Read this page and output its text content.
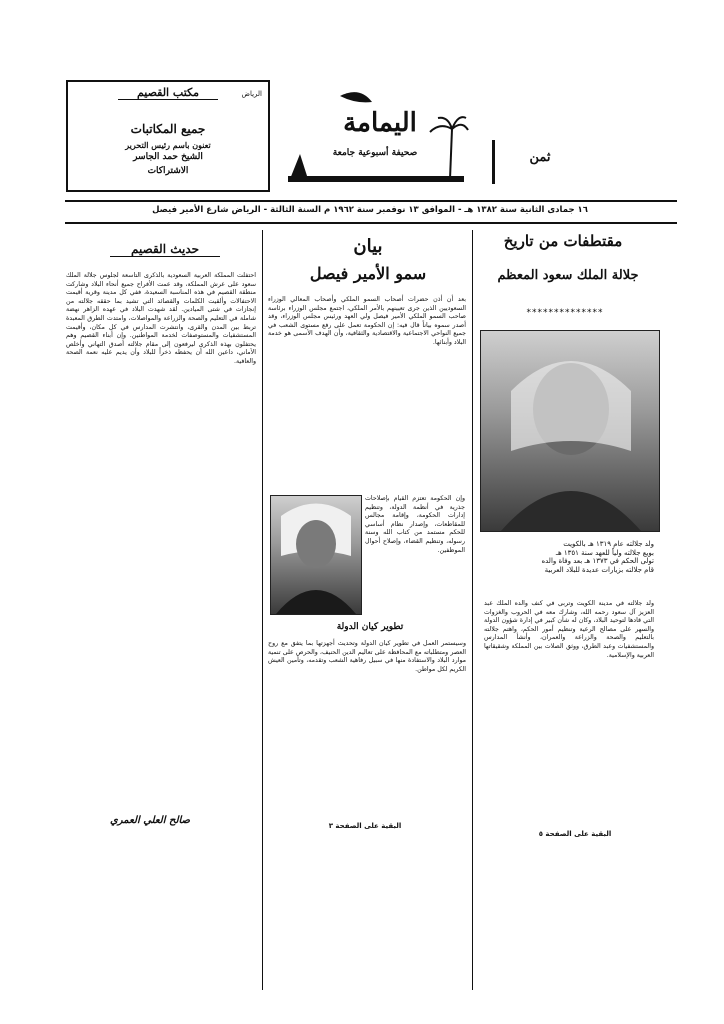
مكتب القصيم	الرياض
جميع المكاتبات
تعنون باسم رئيس التحرير
الشيخ حمد الجاسر
الاشتراكات
اليمامة
صحيفة أسبوعية جامعة	ثمن
١٦ جمادى الثانية سنة ١٣٨٢ هـ - الموافق ١٣ نوفمبر سنة ١٩٦٢ م السنة الثالثة - الرياض شارع الأمير فيصل
مقتطفات من تاريخ
جلالة الملك سعود المعظم
**************
ولد جلالته عام ١٣١٩ هـ بالكويت
بويع جلالته ولياً للعهد سنة ١٣٥١ هـ
تولى الحكم في ١٣٧٣ هـ بعد وفاة والده
قام جلالته بزيارات عديدة للبلاد العربية
ولد جلالته في مدينة الكويت وتربى في كنف والده الملك عبد العزيز آل سعود رحمه الله، وشارك معه في الحروب والغزوات التي قادها لتوحيد البلاد، وكان له شأن كبير في إدارة شؤون الدولة والسهر على مصالح الرعية وتنظيم أمور الحكم، واهتم جلالته بالتعليم والصحة والزراعة والعمران، وأنشأ المدارس والمستشفيات وعبد الطرق، ووثق الصلات بين المملكة وشقيقاتها العربية والإسلامية.
البقية على الصفحة ٥
بيان
سمو الأمير فيصل
بعد أن أذن حضرات أصحاب السمو الملكي وأصحاب المعالي الوزراء السعوديين الذين جرى تعيينهم بالأمر الملكي، اجتمع مجلس الوزراء برئاسة صاحب السمو الملكي الأمير فيصل ولي العهد ورئيس مجلس الوزراء، وقد أصدر سموه بياناً قال فيه: إن الحكومة تعمل على رفع مستوى الشعب في جميع النواحي الاجتماعية والاقتصادية والثقافية، وأن الهدف الأسمى هو خدمة البلاد وأبنائها.
وإن الحكومة تعتزم القيام بإصلاحات جذرية في أنظمة الدولة، وتنظيم إدارات الحكومة، وإقامة مجالس للمقاطعات، وإصدار نظام أساسي للحكم مستمد من كتاب الله وسنة رسوله، وتنظيم القضاء، وإصلاح أحوال الموظفين.
تطوير كيان الدولة
وسيستمر العمل في تطوير كيان الدولة وتحديث أجهزتها بما يتفق مع روح العصر ومتطلباته مع المحافظة على تعاليم الدين الحنيف، والحرص على تنمية موارد البلاد والاستفادة منها في سبيل رفاهية الشعب وتقدمه، وتأمين العيش الكريم لكل مواطن.
البقية على الصفحة ٣
حديث القصيم
احتفلت المملكة العربية السعودية بالذكرى التاسعة لجلوس جلالة الملك سعود على عرش المملكة، وقد عمت الأفراح جميع أنحاء البلاد وشاركت منطقة القصيم في هذه المناسبة السعيدة، ففي كل مدينة وقرية أقيمت الاحتفالات وألقيت الكلمات والقصائد التي تشيد بما حققه جلالته من إنجازات في شتى الميادين. لقد شهدت البلاد في عهده الزاهر نهضة شاملة في التعليم والصحة والزراعة والمواصلات، وامتدت الطرق المعبدة تربط بين المدن والقرى، وانتشرت المدارس في كل مكان، وأقيمت المستشفيات والمستوصفات لخدمة المواطنين. وإن أبناء القصيم وهم يحتفلون بهذه الذكرى ليرفعون إلى مقام جلالته أصدق التهاني وأخلص الأماني، داعين الله أن يحفظه ذخراً للبلاد وأن يديم عليه نعمة الصحة والعافية.
صالح العلي العمري
